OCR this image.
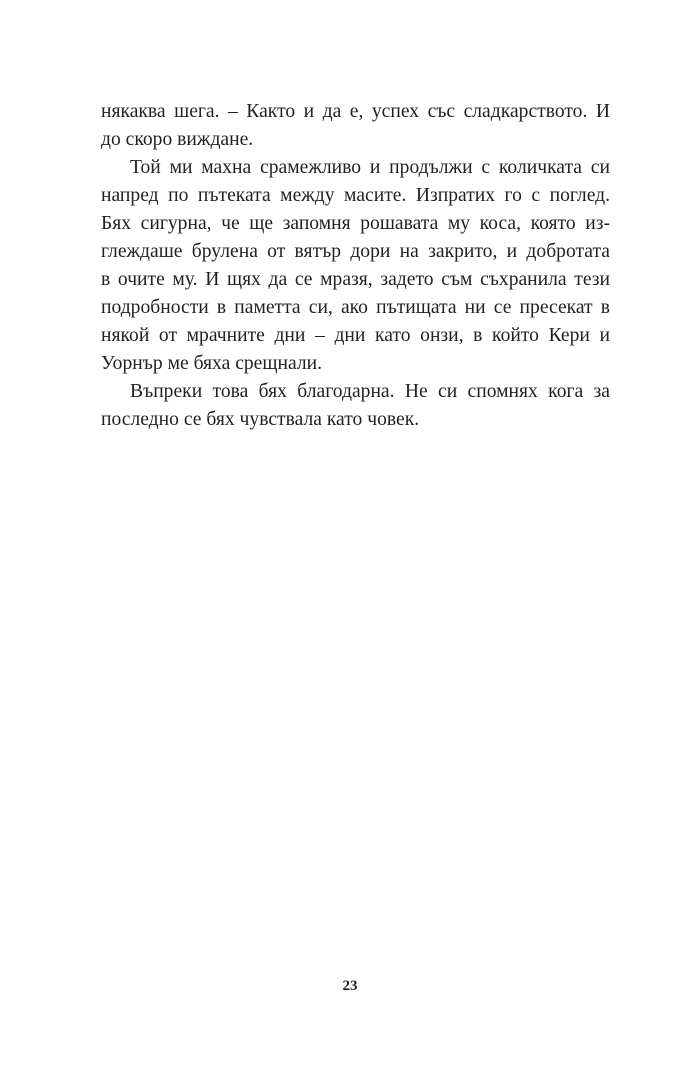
някаква шега. – Както и да е, успех със сладкарството. И
до скоро виждане.
Той ми махна срамежливо и продължи с количката си
напред по пътеката между масите. Изпратих го с поглед.
Бях сигурна, че ще запомня рошавата му коса, която из-
глеждаше брулена от вятър дори на закрито, и добротата
в очите му. И щях да се мразя, задето съм съхранила тези
подробности в паметта си, ако пътищата ни се пресекат в
някой от мрачните дни – дни като онзи, в който Кери и
Уорнър ме бяха срещнали.
Въпреки това бях благодарна. Не си спомнях кога за
последно се бях чувствала като човек.
23
